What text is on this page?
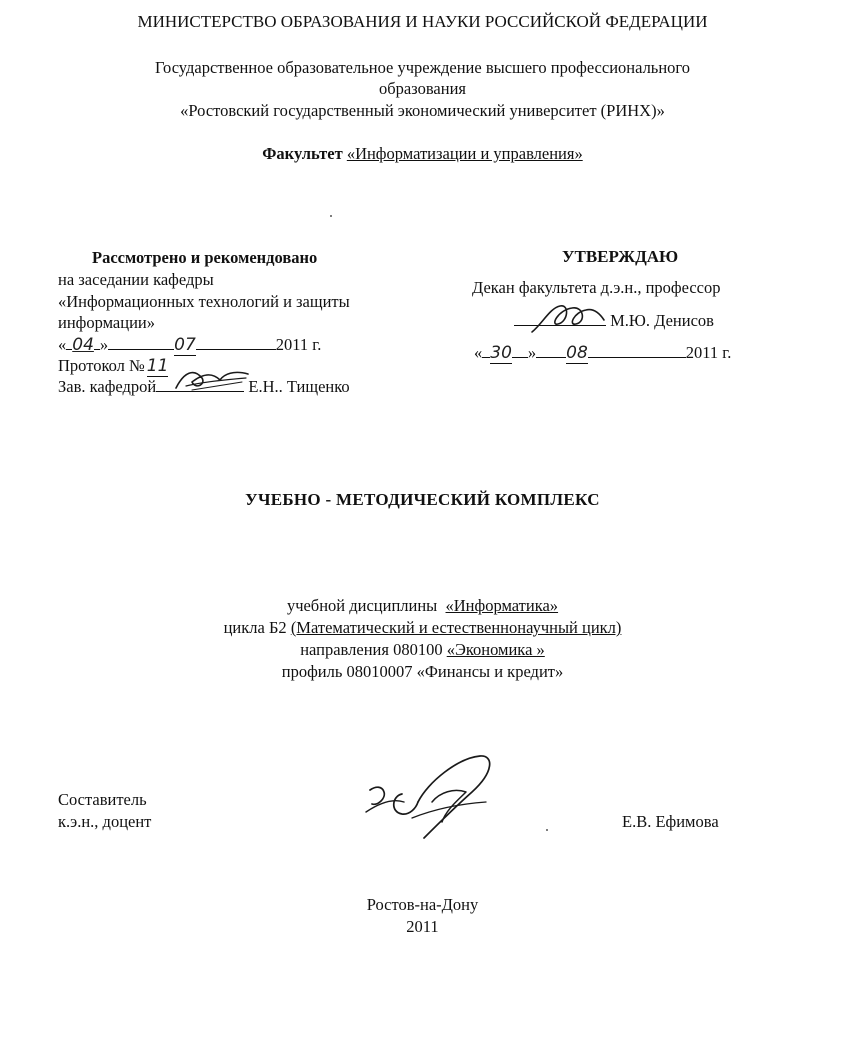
МИНИСТЕРСТВО ОБРАЗОВАНИЯ И НАУКИ РОССИЙСКОЙ ФЕДЕРАЦИИ
Государственное образовательное учреждение высшего профессионального
образования
«Ростовский государственный экономический университет (РИНХ)»
Факультет «Информатизации и управления»
Рассмотрено и рекомендовано
на заседании кафедры
«Информационных технологий и защиты
информации»
« 04 »	07	2011 г.
Протокол № 11
Зав. кафедрой	Е.Н.. Тищенко
УТВЕРЖДАЮ
Декан факультета д.э.н., профессор
М.Ю. Денисов
« 30 » 08	2011 г.
УЧЕБНО - МЕТОДИЧЕСКИЙ КОМПЛЕКС
учебной дисциплины «Информатика»
цикла Б2 (Математический и естественнонаучный цикл)
направления 080100 «Экономика »
профиль 08010007 «Финансы и кредит»
Составитель
к.э.н., доцент	Е.В. Ефимова
Ростов-на-Дону
2011
